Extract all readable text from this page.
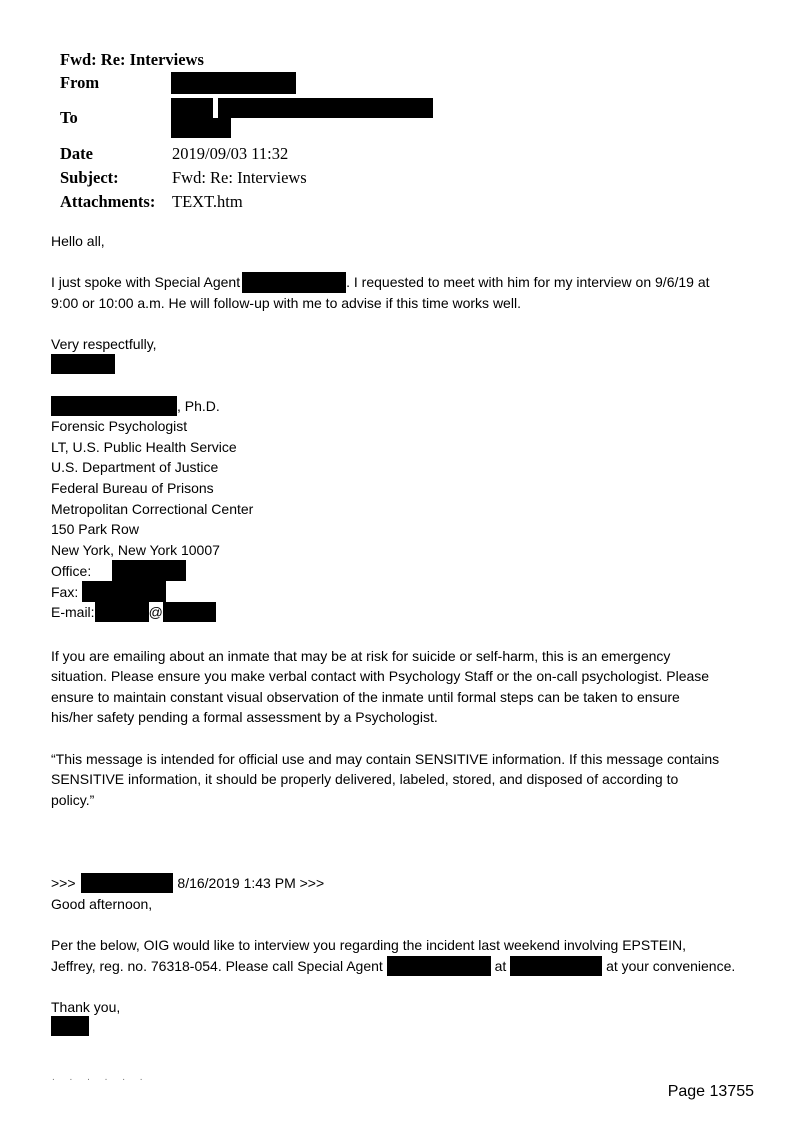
Fwd: Re: Interviews
From
To
Date	2019/09/03 11:32
Subject:	Fwd: Re: Interviews
Attachments: TEXT.htm
Hello all,
I just spoke with Special Agent	. I requested to meet with him for my interview on 9/6/19 at
9:00 or 10:00 a.m. He will follow-up with me to advise if this time works well.
Very respectfully,
, Ph.D.
Forensic Psychologist
LT, U.S. Public Health Service
U.S. Department of Justice
Federal Bureau of Prisons
Metropolitan Correctional Center
150 Park Row
New York, New York 10007
Office:
Fax:
E-mail:	@
If you are emailing about an inmate that may be at risk for suicide or self-harm, this is an emergency
situation. Please ensure you make verbal contact with Psychology Staff or the on-call psychologist. Please
ensure to maintain constant visual observation of the inmate until formal steps can be taken to ensure
his/her safety pending a formal assessment by a Psychologist.
“This message is intended for official use and may contain SENSITIVE information. If this message contains
SENSITIVE information, it should be properly delivered, labeled, stored, and disposed of according to
policy.”
>>>	8/16/2019 1:43 PM >>>
Good afternoon,
Per the below, OIG would like to interview you regarding the incident last weekend involving EPSTEIN,
Jeffrey, reg. no. 76318-054. Please call Special Agent	at	at your convenience.
Thank you,
. . . . . .
Page 13755
